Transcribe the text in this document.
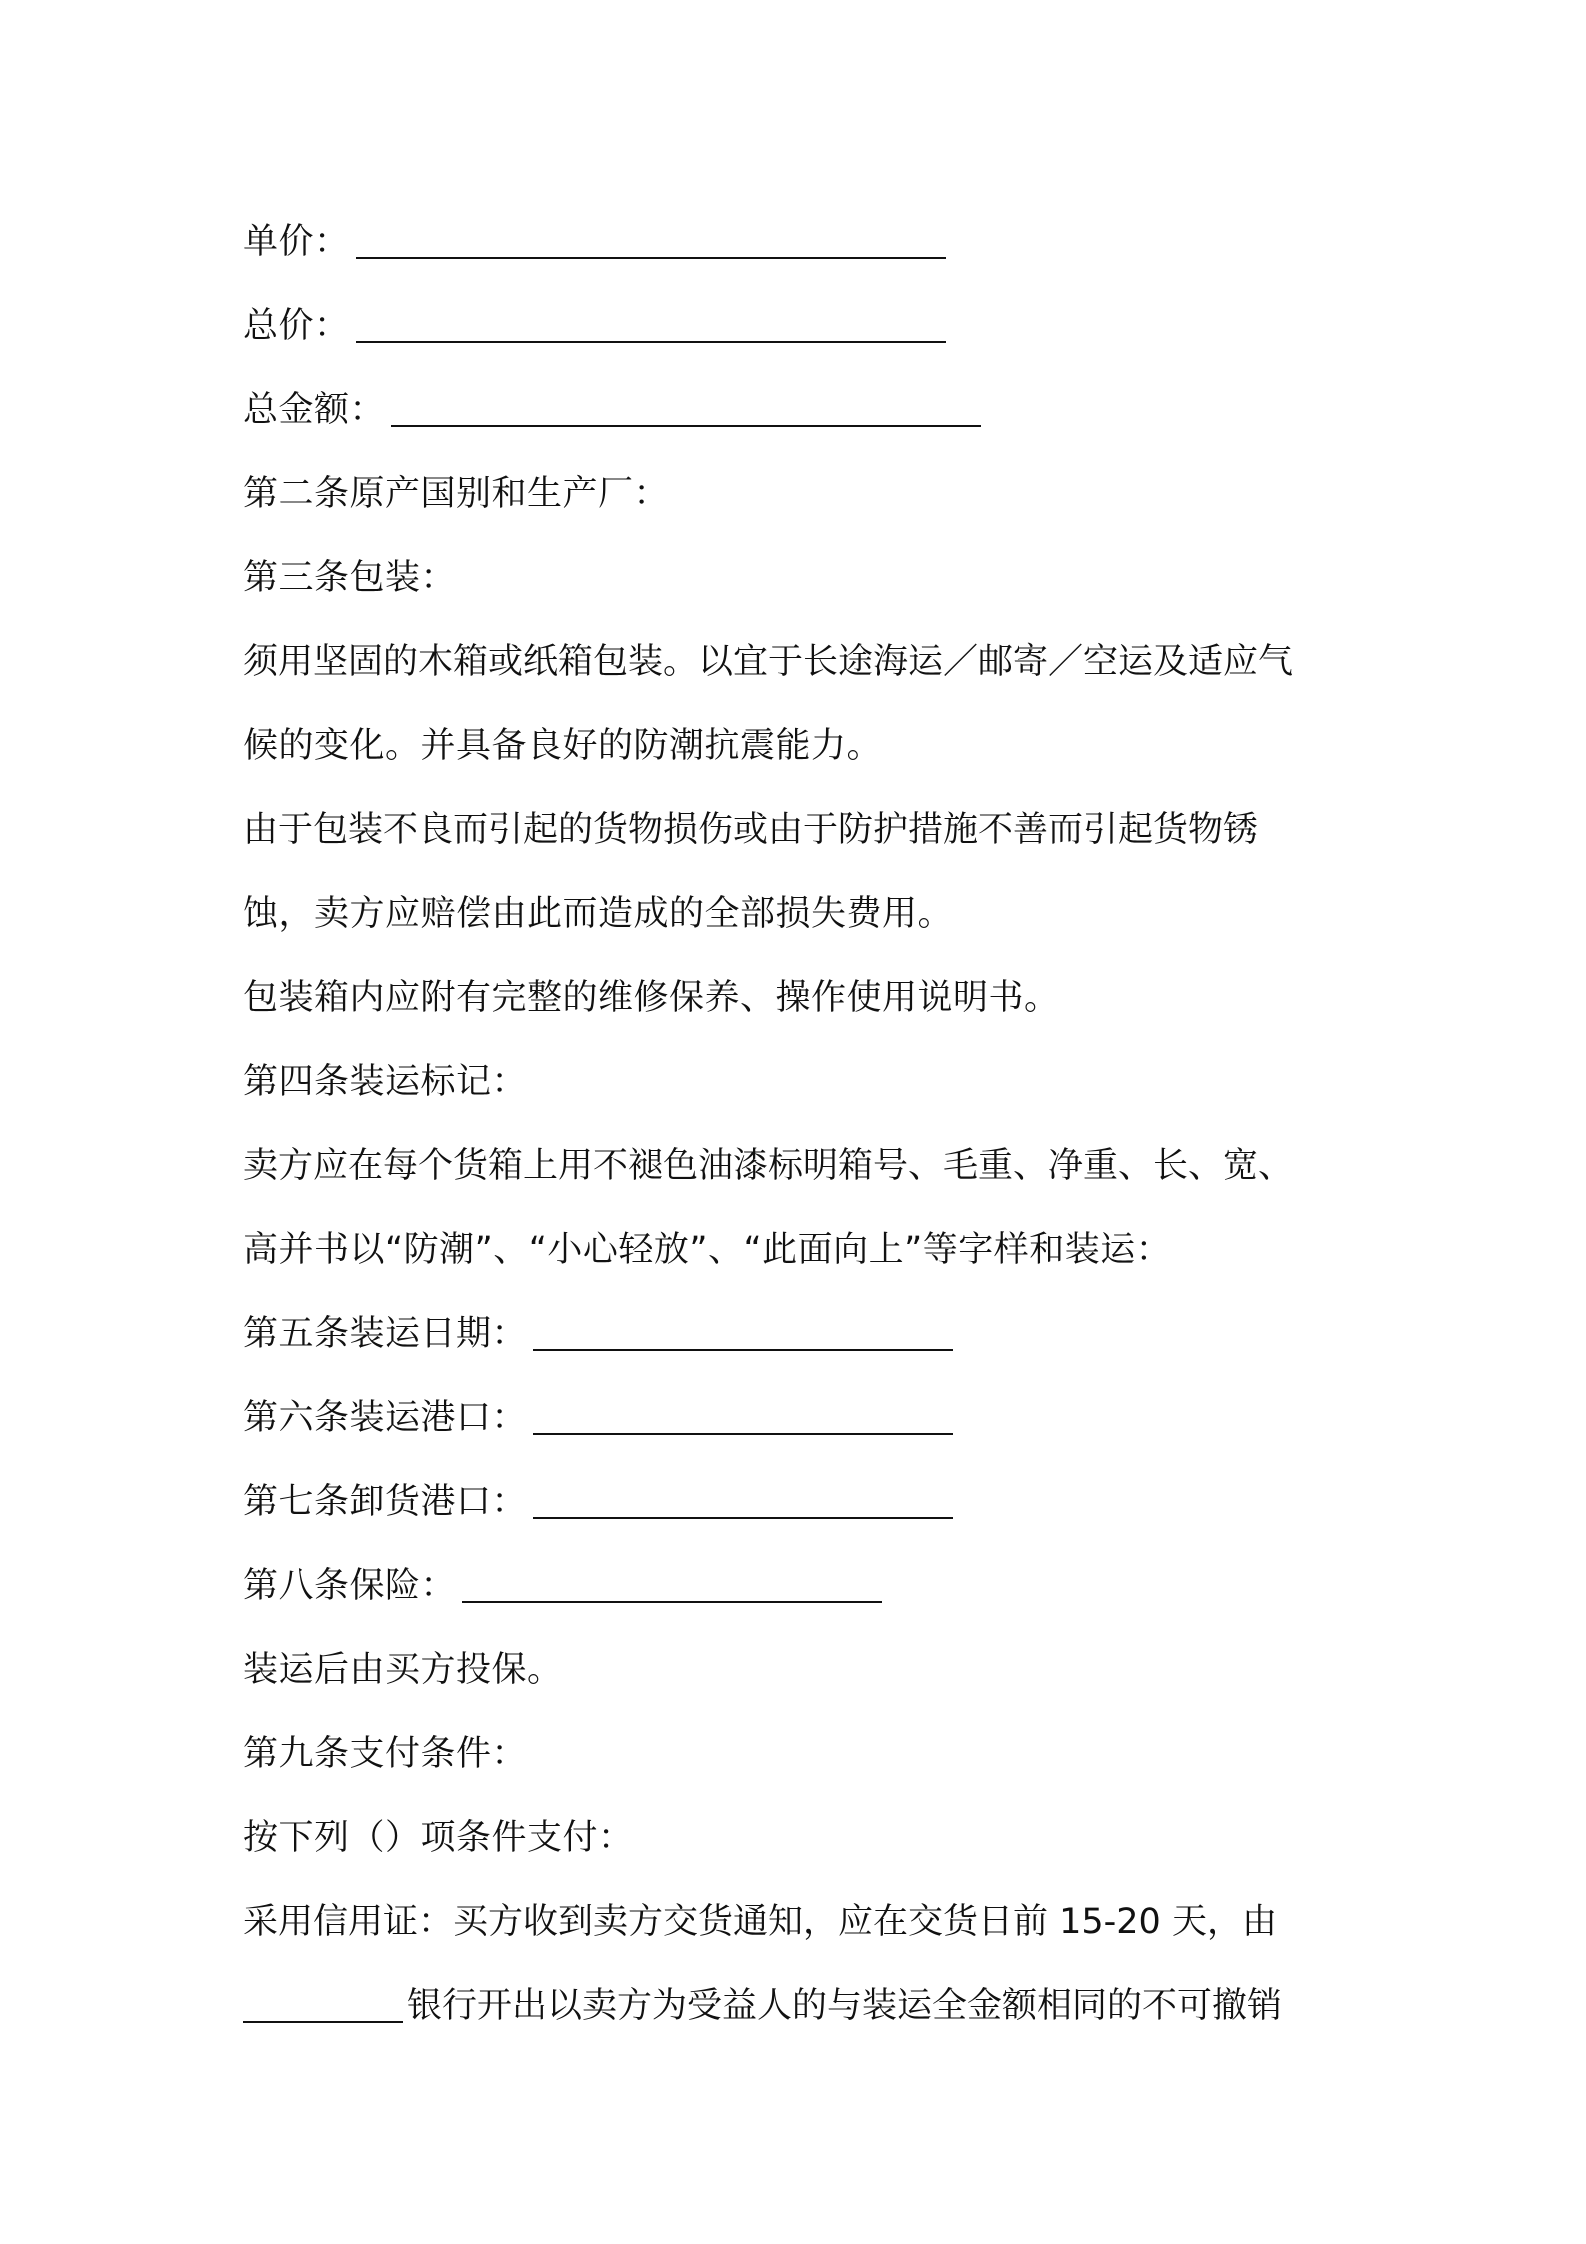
单价：
总价：
总金额：
第二条原产国别和生产厂：
第三条包装：
须用坚固的木箱或纸箱包装。以宜于长途海运／邮寄／空运及适应气
候的变化。并具备良好的防潮抗震能力。
由于包装不良而引起的货物损伤或由于防护措施不善而引起货物锈
蚀，卖方应赔偿由此而造成的全部损失费用。
包装箱内应附有完整的维修保养、操作使用说明书。
第四条装运标记：
卖方应在每个货箱上用不褪色油漆标明箱号、毛重、净重、长、宽、
高并书以“防潮”、“小心轻放”、“此面向上”等字样和装运：
第五条装运日期：
第六条装运港口：
第七条卸货港口：
第八条保险：
装运后由买方投保。
第九条支付条件：
按下列（）项条件支付：
采用信用证：买方收到卖方交货通知，应在交货日前 15-20 天，由
银行开出以卖方为受益人的与装运全金额相同的不可撤销
